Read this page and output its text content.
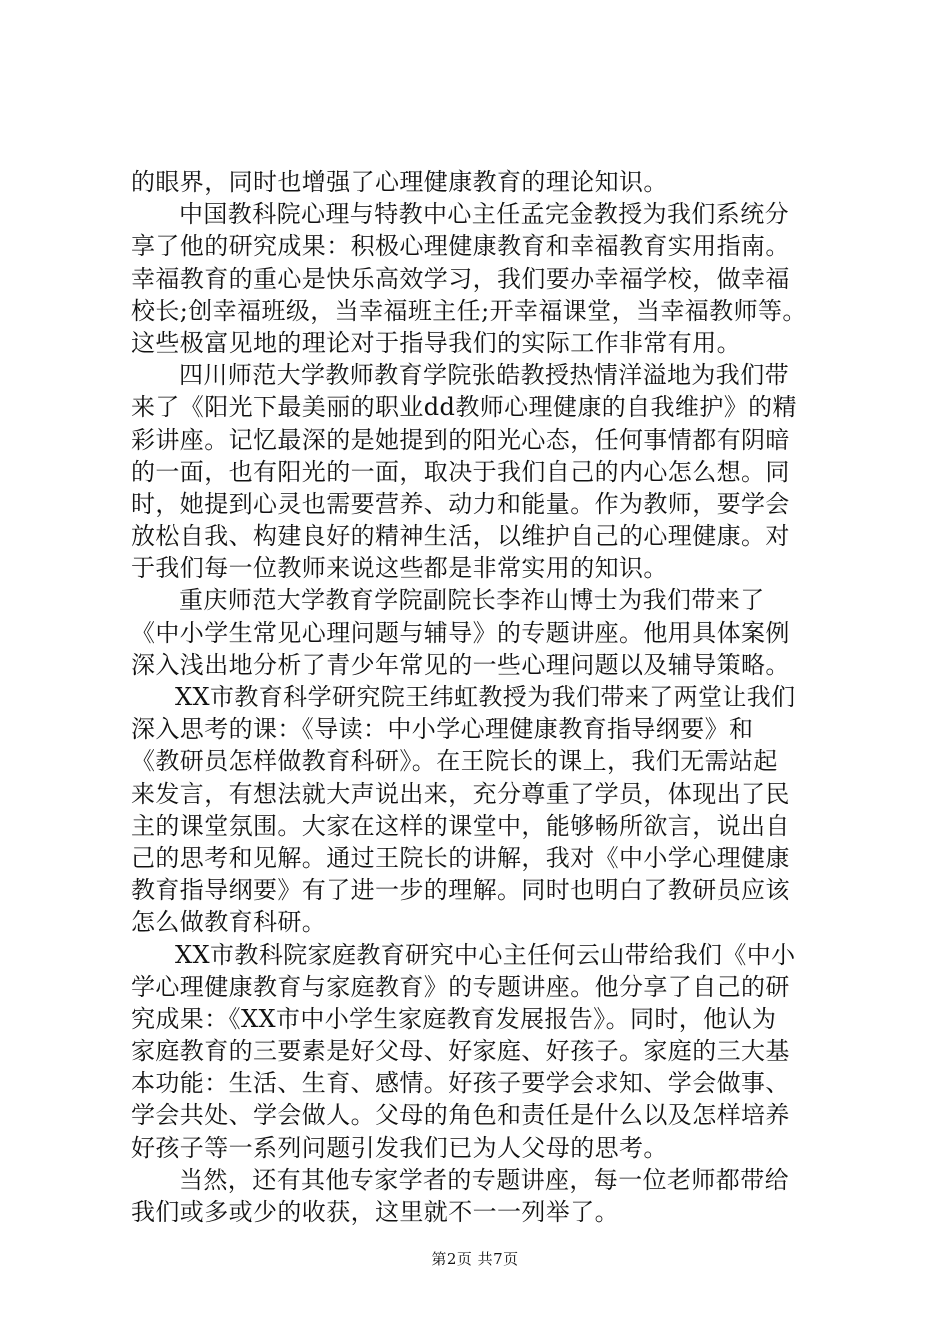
的眼界，同时也增强了心理健康教育的理论知识。
中国教科院心理与特教中心主任孟完金教授为我们系统分
享了他的研究成果：积极心理健康教育和幸福教育实用指南。
幸福教育的重心是快乐高效学习，我们要办幸福学校，做幸福
校长;创幸福班级，当幸福班主任;开幸福课堂，当幸福教师等。
这些极富见地的理论对于指导我们的实际工作非常有用。
四川师范大学教师教育学院张皓教授热情洋溢地为我们带
来了《阳光下最美丽的职业dd教师心理健康的自我维护》的精
彩讲座。记忆最深的是她提到的阳光心态，任何事情都有阴暗
的一面，也有阳光的一面，取决于我们自己的内心怎么想。同
时，她提到心灵也需要营养、动力和能量。作为教师，要学会
放松自我、构建良好的精神生活，以维护自己的心理健康。对
于我们每一位教师来说这些都是非常实用的知识。
重庆师范大学教育学院副院长李祚山博士为我们带来了
《中小学生常见心理问题与辅导》的专题讲座。他用具体案例
深入浅出地分析了青少年常见的一些心理问题以及辅导策略。
XX市教育科学研究院王纬虹教授为我们带来了两堂让我们
深入思考的课：《导读：中小学心理健康教育指导纲要》和
《教研员怎样做教育科研》。在王院长的课上，我们无需站起
来发言，有想法就大声说出来，充分尊重了学员，体现出了民
主的课堂氛围。大家在这样的课堂中，能够畅所欲言，说出自
己的思考和见解。通过王院长的讲解，我对《中小学心理健康
教育指导纲要》有了进一步的理解。同时也明白了教研员应该
怎么做教育科研。
XX市教科院家庭教育研究中心主任何云山带给我们《中小
学心理健康教育与家庭教育》的专题讲座。他分享了自己的研
究成果：《XX市中小学生家庭教育发展报告》。同时，他认为
家庭教育的三要素是好父母、好家庭、好孩子。家庭的三大基
本功能：生活、生育、感情。好孩子要学会求知、学会做事、
学会共处、学会做人。父母的角色和责任是什么以及怎样培养
好孩子等一系列问题引发我们已为人父母的思考。
当然，还有其他专家学者的专题讲座，每一位老师都带给
我们或多或少的收获，这里就不一一列举了。
第2页 共7页
